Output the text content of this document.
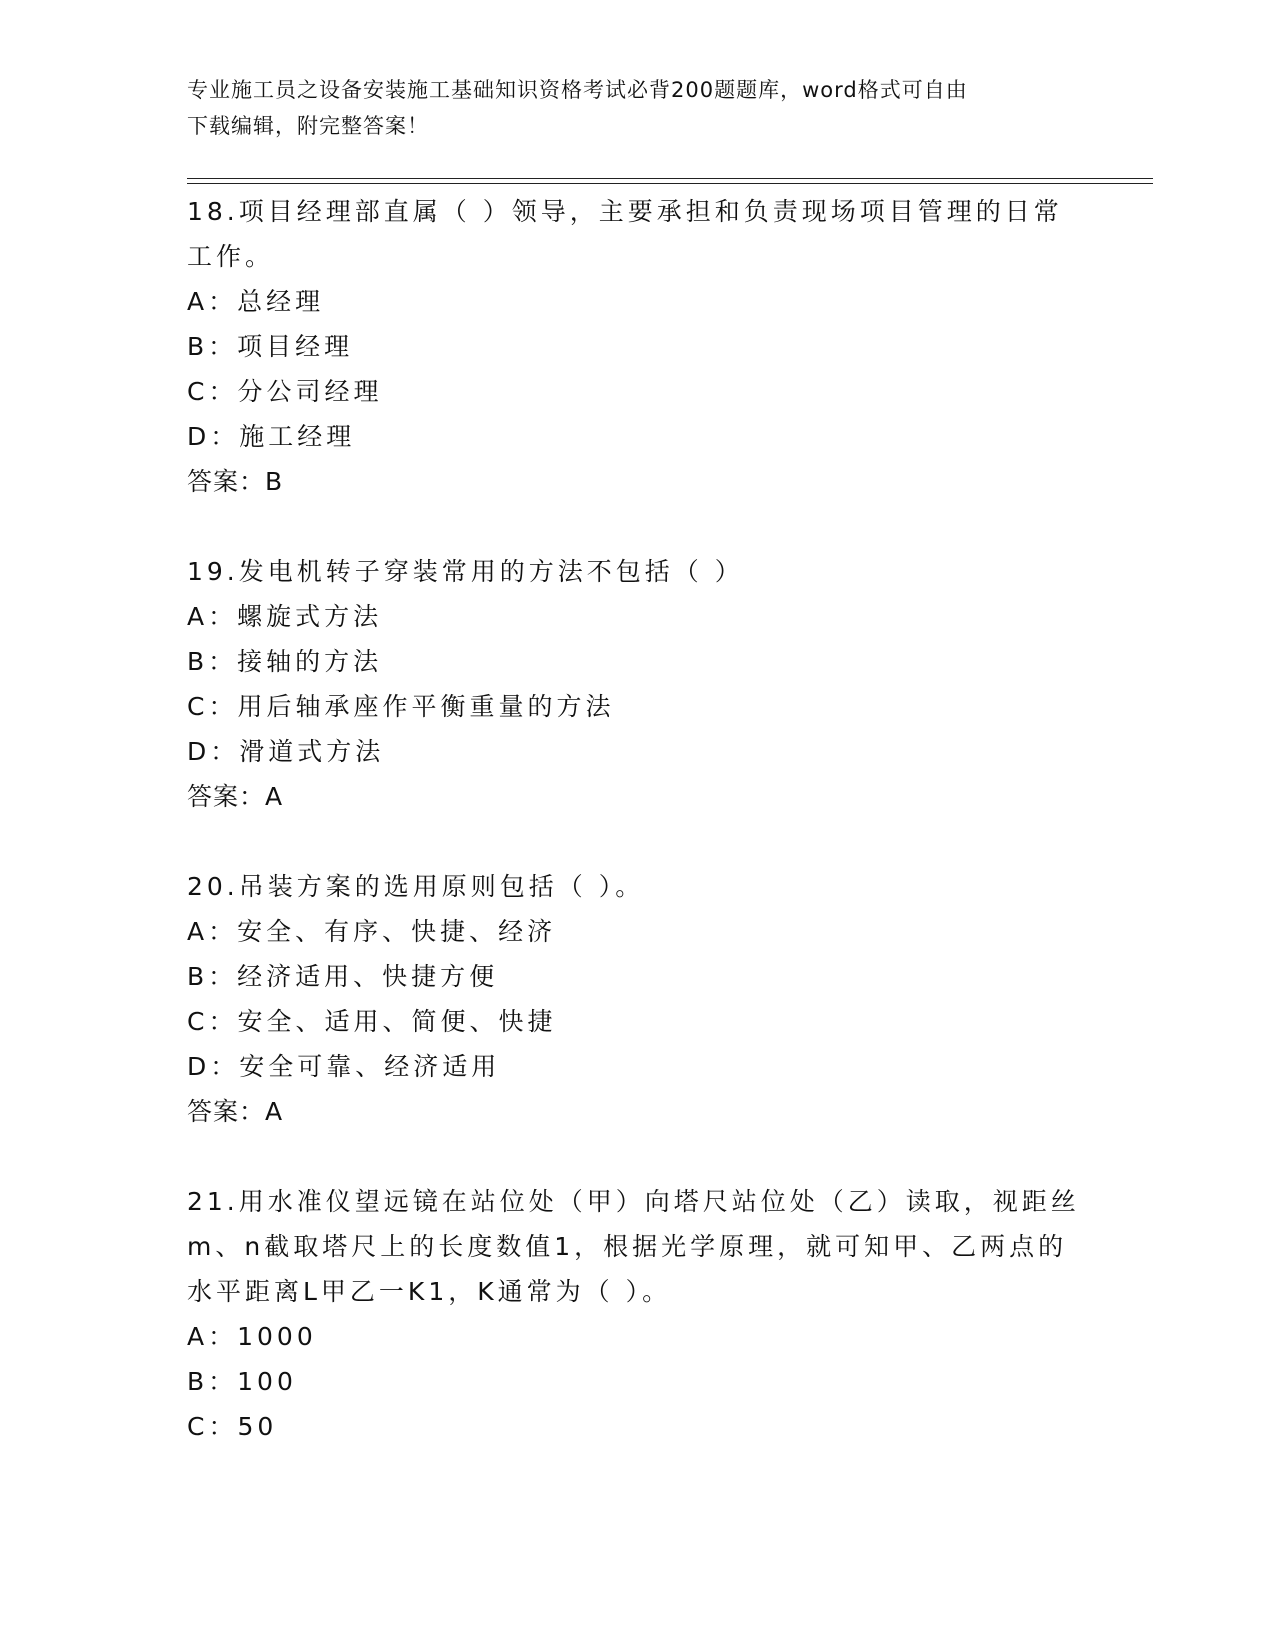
专业施工员之设备安装施工基础知识资格考试必背200题题库，word格式可自由
下载编辑，附完整答案！
18.项目经理部直属（ ）领导，主要承担和负责现场项目管理的日常
工作。
A：总经理
B：项目经理
C：分公司经理
D：施工经理
答案：B
19.发电机转子穿装常用的方法不包括（ ）
A：螺旋式方法
B：接轴的方法
C：用后轴承座作平衡重量的方法
D：滑道式方法
答案：A
20.吊装方案的选用原则包括（ ）。
A：安全、有序、快捷、经济
B：经济适用、快捷方便
C：安全、适用、简便、快捷
D：安全可靠、经济适用
答案：A
21.用水准仪望远镜在站位处（甲）向塔尺站位处（乙）读取，视距丝
m、n截取塔尺上的长度数值1，根据光学原理，就可知甲、乙两点的
水平距离L甲乙一K1，K通常为（ ）。
A：1000
B：100
C：50
